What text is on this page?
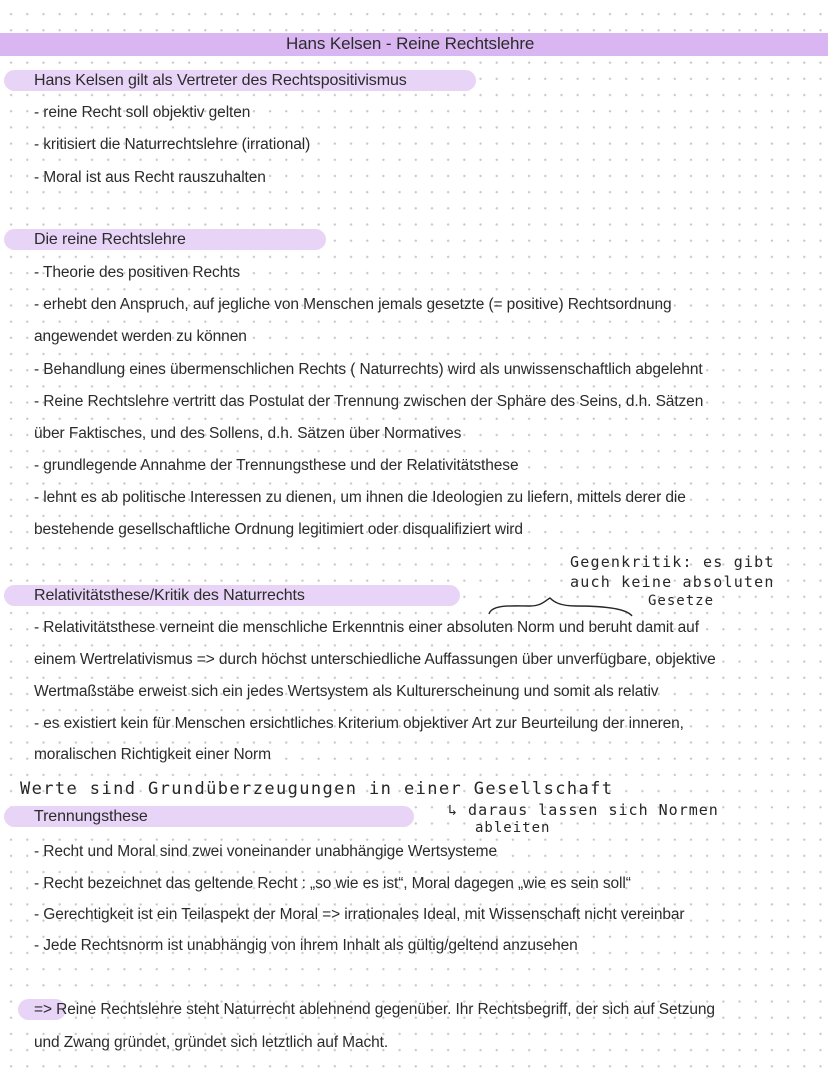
Hans Kelsen - Reine Rechtslehre
Hans Kelsen gilt als Vertreter des Rechtspositivismus
- reine Recht soll objektiv gelten
- kritisiert die Naturrechtslehre (irrational)
- Moral ist aus Recht rauszuhalten
Die reine Rechtslehre
- Theorie des positiven Rechts
- erhebt den Anspruch, auf jegliche von Menschen jemals gesetzte (= positive) Rechtsordnung
angewendet werden zu können
- Behandlung eines übermenschlichen Rechts ( Naturrechts) wird als unwissenschaftlich abgelehnt
- Reine Rechtslehre vertritt das Postulat der Trennung zwischen der Sphäre des Seins, d.h. Sätzen
über Faktisches, und des Sollens, d.h. Sätzen über Normatives
- grundlegende Annahme der Trennungsthese und der Relativitätsthese
- lehnt es ab politische Interessen zu dienen, um ihnen die Ideologien zu liefern, mittels derer die
bestehende gesellschaftliche Ordnung legitimiert oder disqualifiziert wird
Gegenkritik: es gibt
auch keine absoluten
Gesetze
Relativitätsthese/Kritik des Naturrechts
- Relativitätsthese verneint die menschliche Erkenntnis einer absoluten Norm und beruht damit auf
einem Wertrelativismus => durch höchst unterschiedliche Auffassungen über unverfügbare, objektive
Wertmaßstäbe erweist sich ein jedes Wertsystem als Kulturerscheinung und somit als relativ
- es existiert kein für Menschen ersichtliches Kriterium objektiver Art zur Beurteilung der inneren,
moralischen Richtigkeit einer Norm
Werte sind Grundüberzeugungen in einer Gesellschaft
↳ daraus lassen sich Normen
ableiten
Trennungsthese
- Recht und Moral sind zwei voneinander unabhängige Wertsysteme
- Recht bezeichnet das geltende Recht : „so wie es ist“, Moral dagegen „wie es sein soll“
- Gerechtigkeit ist ein Teilaspekt der Moral => irrationales Ideal, mit Wissenschaft nicht vereinbar
- Jede Rechtsnorm ist unabhängig von ihrem Inhalt als gültig/geltend anzusehen
=> Reine Rechtslehre steht Naturrecht ablehnend gegenüber. Ihr Rechtsbegriff, der sich auf Setzung
und Zwang gründet, gründet sich letztlich auf Macht.
